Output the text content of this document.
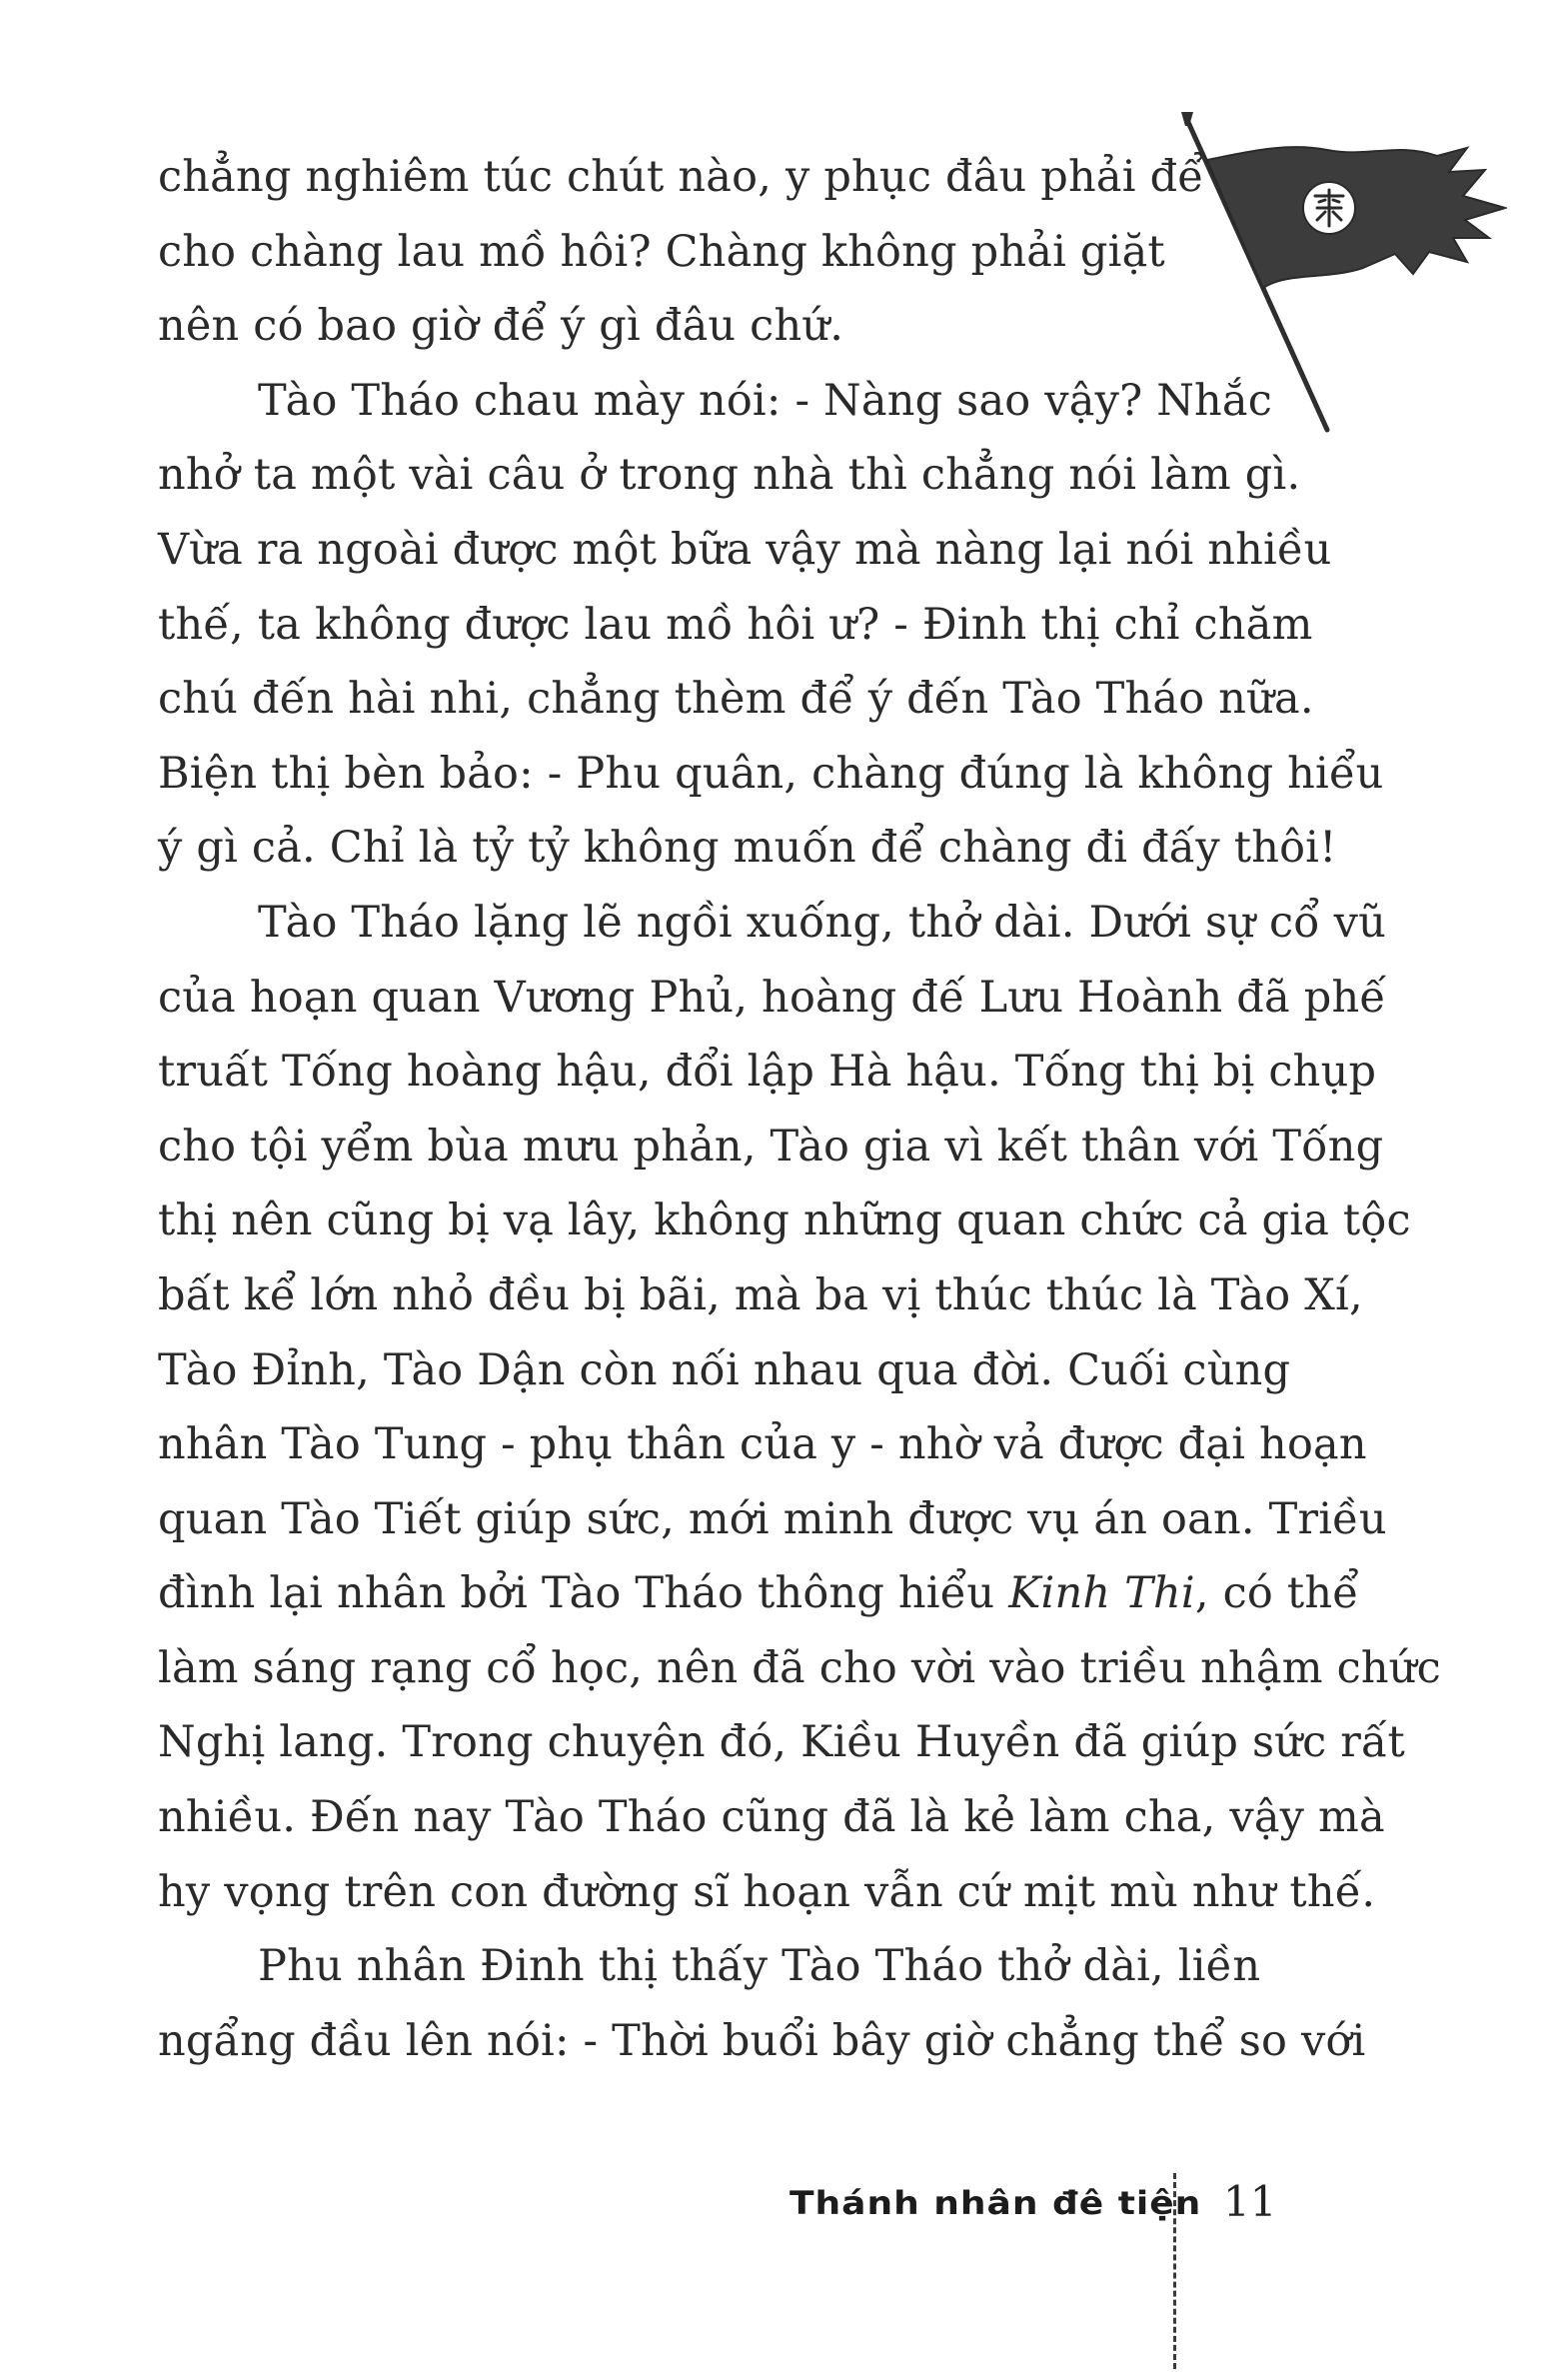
chẳng nghiêm túc chút nào, y phục đâu phải để
cho chàng lau mồ hôi? Chàng không phải giặt
nên có bao giờ để ý gì đâu chứ.
Tào Tháo chau mày nói: - Nàng sao vậy? Nhắc
nhở ta một vài câu ở trong nhà thì chẳng nói làm gì.
Vừa ra ngoài được một bữa vậy mà nàng lại nói nhiều
thế, ta không được lau mồ hôi ư? - Đinh thị chỉ chăm
chú đến hài nhi, chẳng thèm để ý đến Tào Tháo nữa.
Biện thị bèn bảo: - Phu quân, chàng đúng là không hiểu
ý gì cả. Chỉ là tỷ tỷ không muốn để chàng đi đấy thôi!
Tào Tháo lặng lẽ ngồi xuống, thở dài. Dưới sự cổ vũ
của hoạn quan Vương Phủ, hoàng đế Lưu Hoành đã phế
truất Tống hoàng hậu, đổi lập Hà hậu. Tống thị bị chụp
cho tội yểm bùa mưu phản, Tào gia vì kết thân với Tống
thị nên cũng bị vạ lây, không những quan chức cả gia tộc
bất kể lớn nhỏ đều bị bãi, mà ba vị thúc thúc là Tào Xí,
Tào Đỉnh, Tào Dận còn nối nhau qua đời. Cuối cùng
nhân Tào Tung - phụ thân của y - nhờ vả được đại hoạn
quan Tào Tiết giúp sức, mới minh được vụ án oan. Triều
đình lại nhân bởi Tào Tháo thông hiểu Kinh Thi, có thể
làm sáng rạng cổ học, nên đã cho vời vào triều nhậm chức
Nghị lang. Trong chuyện đó, Kiều Huyền đã giúp sức rất
nhiều. Đến nay Tào Tháo cũng đã là kẻ làm cha, vậy mà
hy vọng trên con đường sĩ hoạn vẫn cứ mịt mù như thế.
Phu nhân Đinh thị thấy Tào Tháo thở dài, liền
ngẩng đầu lên nói: - Thời buổi bây giờ chẳng thể so với
Thánh nhân đê tiện 11
